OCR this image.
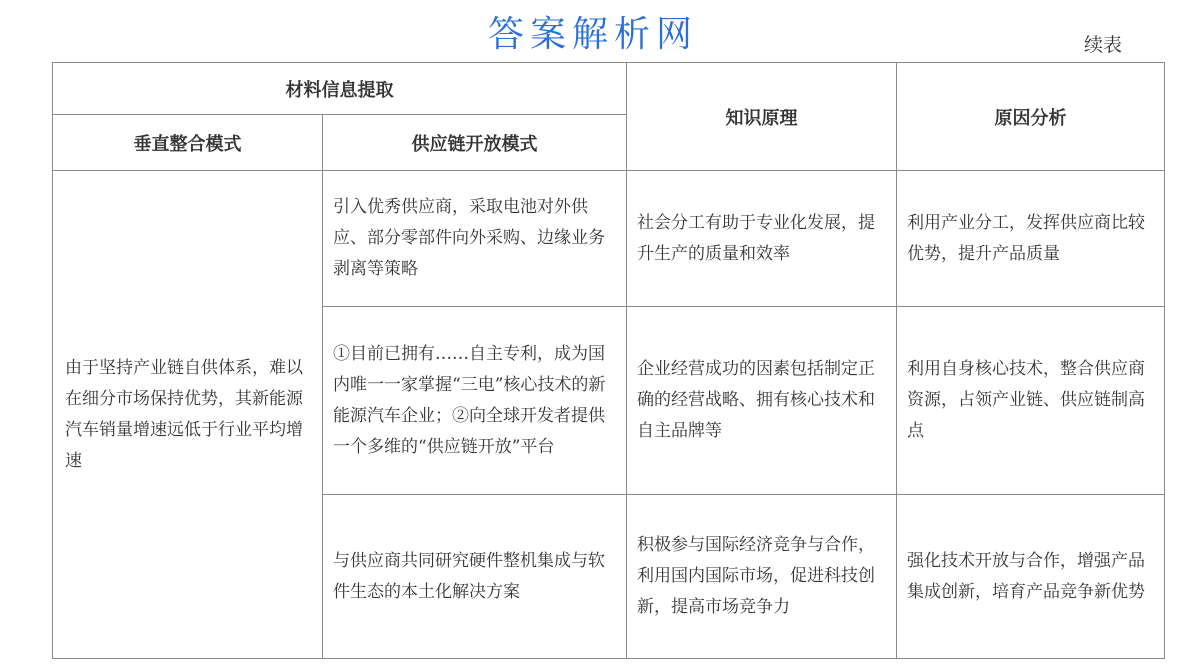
答案解析网	续表
材料信息提取		知识原理	原因分析
垂直整合模式	供应链开放模式		
由于坚持产业链自供体系，难以在细分市场保持优势，其新能源汽车销量增速远低于行业平均增速	引入优秀供应商，采取电池对外供应、部分零部件向外采购、边缘业务剥离等策略	社会分工有助于专业化发展，提升生产的质量和效率	利用产业分工，发挥供应商比较优势，提升产品质量
	①目前已拥有……自主专利，成为国内唯一一家掌握“三电”核心技术的新能源汽车企业；②向全球开发者提供一个多维的“供应链开放”平台	企业经营成功的因素包括制定正确的经营战略、拥有核心技术和自主品牌等	利用自身核心技术，整合供应商资源，占领产业链、供应链制高点
	与供应商共同研究硬件整机集成与软件生态的本土化解决方案	积极参与国际经济竞争与合作，利用国内国际市场，促进科技创新，提高市场竞争力	强化技术开放与合作，增强产品集成创新，培育产品竞争新优势
